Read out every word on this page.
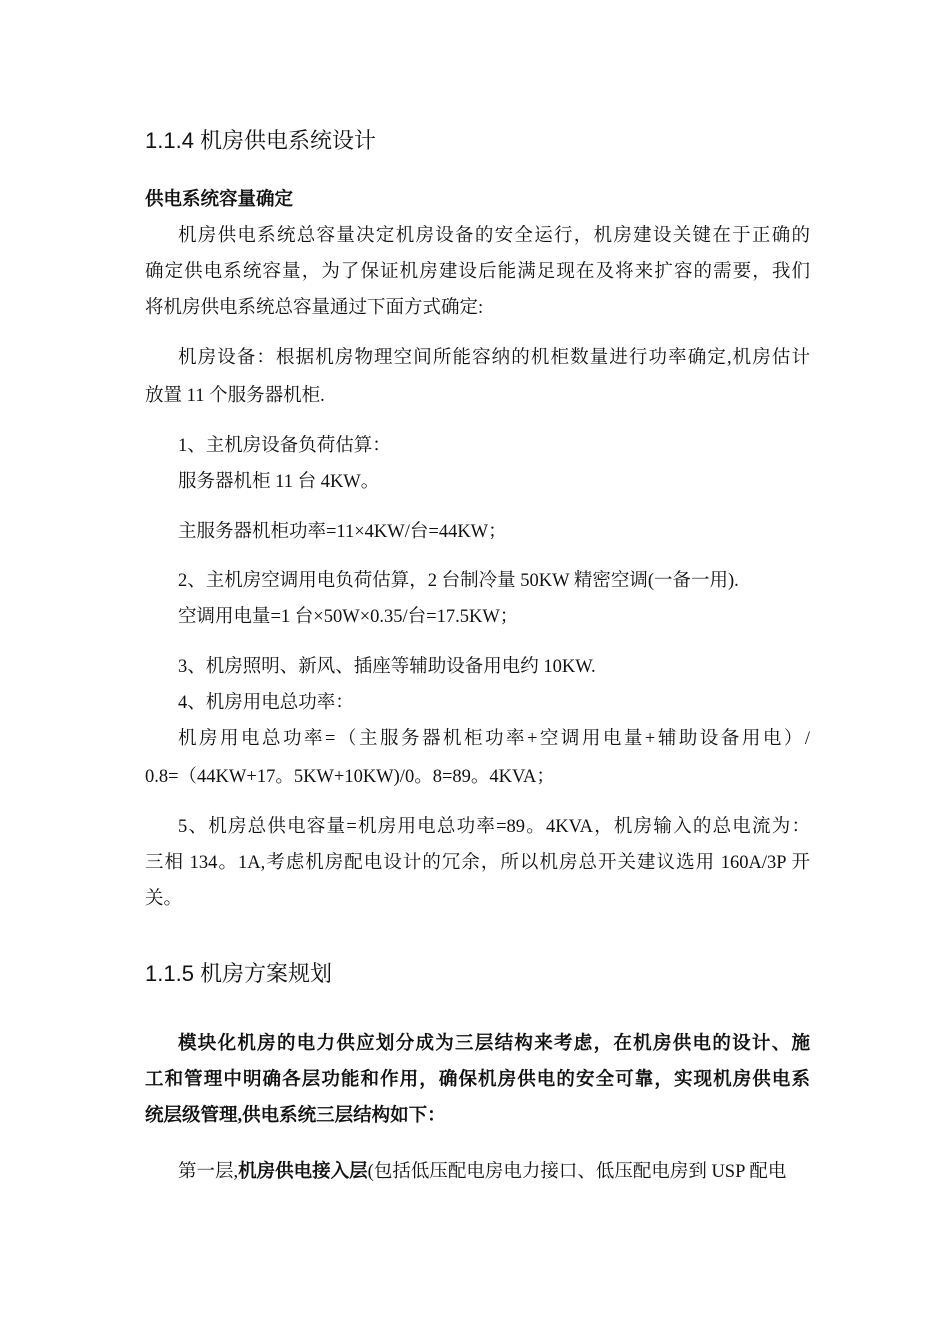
1.1.4 机房供电系统设计
供电系统容量确定
机房供电系统总容量决定机房设备的安全运行，机房建设关键在于正确的
确定供电系统容量，为了保证机房建设后能满足现在及将来扩容的需要，我们
将机房供电系统总容量通过下面方式确定:
机房设备：根据机房物理空间所能容纳的机柜数量进行功率确定,机房估计
放置 11 个服务器机柜.
1、主机房设备负荷估算：
服务器机柜 11 台 4KW。
主服务器机柜功率=11×4KW/台=44KW；
2、主机房空调用电负荷估算，2 台制冷量 50KW 精密空调(一备一用).
空调用电量=1 台×50W×0.35/台=17.5KW；
3、机房照明、新风、插座等辅助设备用电约 10KW.
4、机房用电总功率：
机房用电总功率=（主服务器机柜功率+空调用电量+辅助设备用电）/
0.8=（44KW+17。5KW+10KW)/0。8=89。4KVA；
5、机房总供电容量=机房用电总功率=89。4KVA，机房输入的总电流为：
三相 134。1A,考虑机房配电设计的冗余，所以机房总开关建议选用 160A/3P 开
关。
1.1.5 机房方案规划
模块化机房的电力供应划分成为三层结构来考虑，在机房供电的设计、施
工和管理中明确各层功能和作用，确保机房供电的安全可靠，实现机房供电系
统层级管理,供电系统三层结构如下：
第一层,机房供电接入层(包括低压配电房电力接口、低压配电房到 USP 配电
